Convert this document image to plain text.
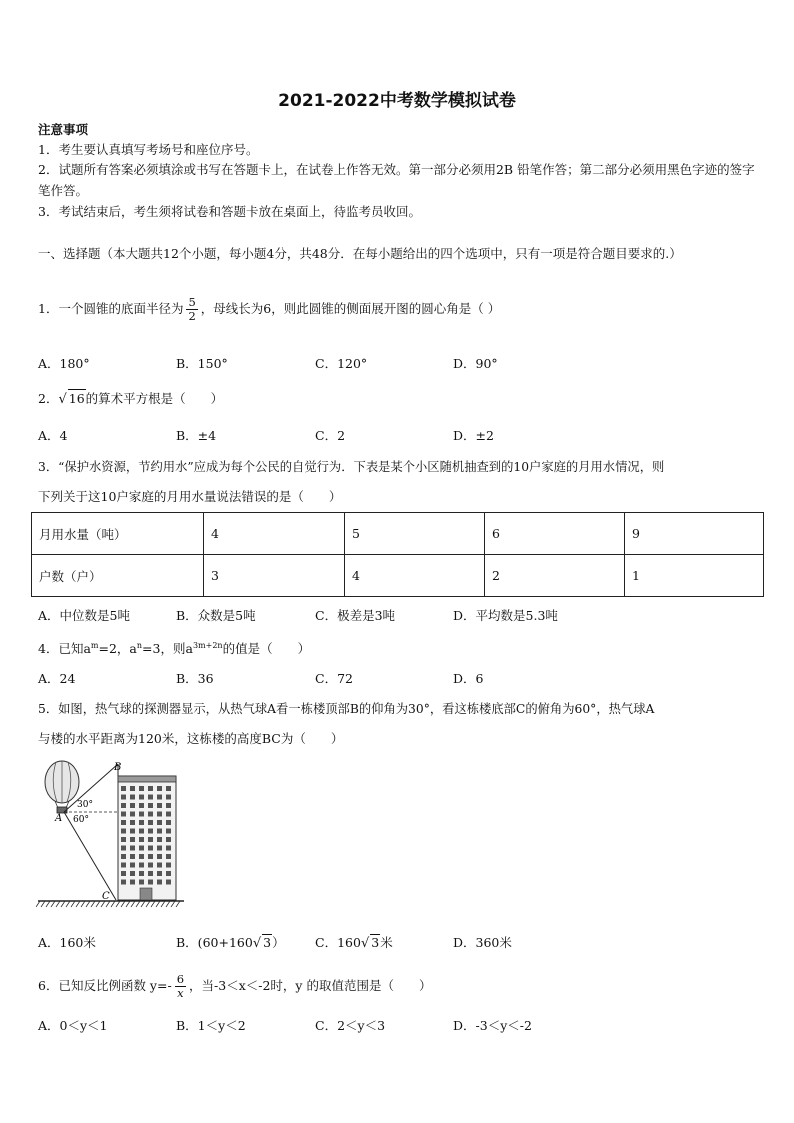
2021-2022中考数学模拟试卷
注意事项
1．考生要认真填写考场号和座位序号。
2．试题所有答案必须填涂或书写在答题卡上，在试卷上作答无效。第一部分必须用2B 铅笔作答；第二部分必须用黑色字迹的签字笔作答。
3．考试结束后，考生须将试卷和答题卡放在桌面上，待监考员收回。
一、选择题（本大题共12个小题，每小题4分，共48分．在每小题给出的四个选项中，只有一项是符合题目要求的.）
1．一个圆锥的底面半径为 $\frac{5}{2}$ ，母线长为6，则此圆锥的侧面展开图的圆心角是（ ）
A．180°	B．150°	C．120°	D．90°
2．√ 16的算术平方根是（　　）
A．4	B．±4	C．2	D．±2
3．“保护水资源，节约用水”应成为每个公民的自觉行为．下表是某个小区随机抽查到的10户家庭的月用水情况，则
下列关于这10户家庭的月用水量说法错误的是（　　）
月用水量（吨）	4	5	6	9
户数（户）	3	4	2	1
A．中位数是5吨	B．众数是5吨	C．极差是3吨	D．平均数是5.3吨
4．已知$a^m=2$，$a^n=3$，则$a^{3m+2n}$的值是（　　）
A．24	B．36	C．72	D．6
5．如图，热气球的探测器显示，从热气球A看一栋楼顶部B的仰角为30°，看这栋楼底部C的俯角为60°，热气球A
与楼的水平距离为120米，这栋楼的高度BC为（　　）
B
A
C
30°
60°
A．160米	B．(60+160√ 3） C．160√ 3米	D．360米
6．已知反比例函数 $y=- \frac{6}{x}$ ，当-3＜x＜-2时，y 的取值范围是（　　）
A．0＜y＜1	B．1＜y＜2	C．2＜y＜3	D．-3＜y＜-2
